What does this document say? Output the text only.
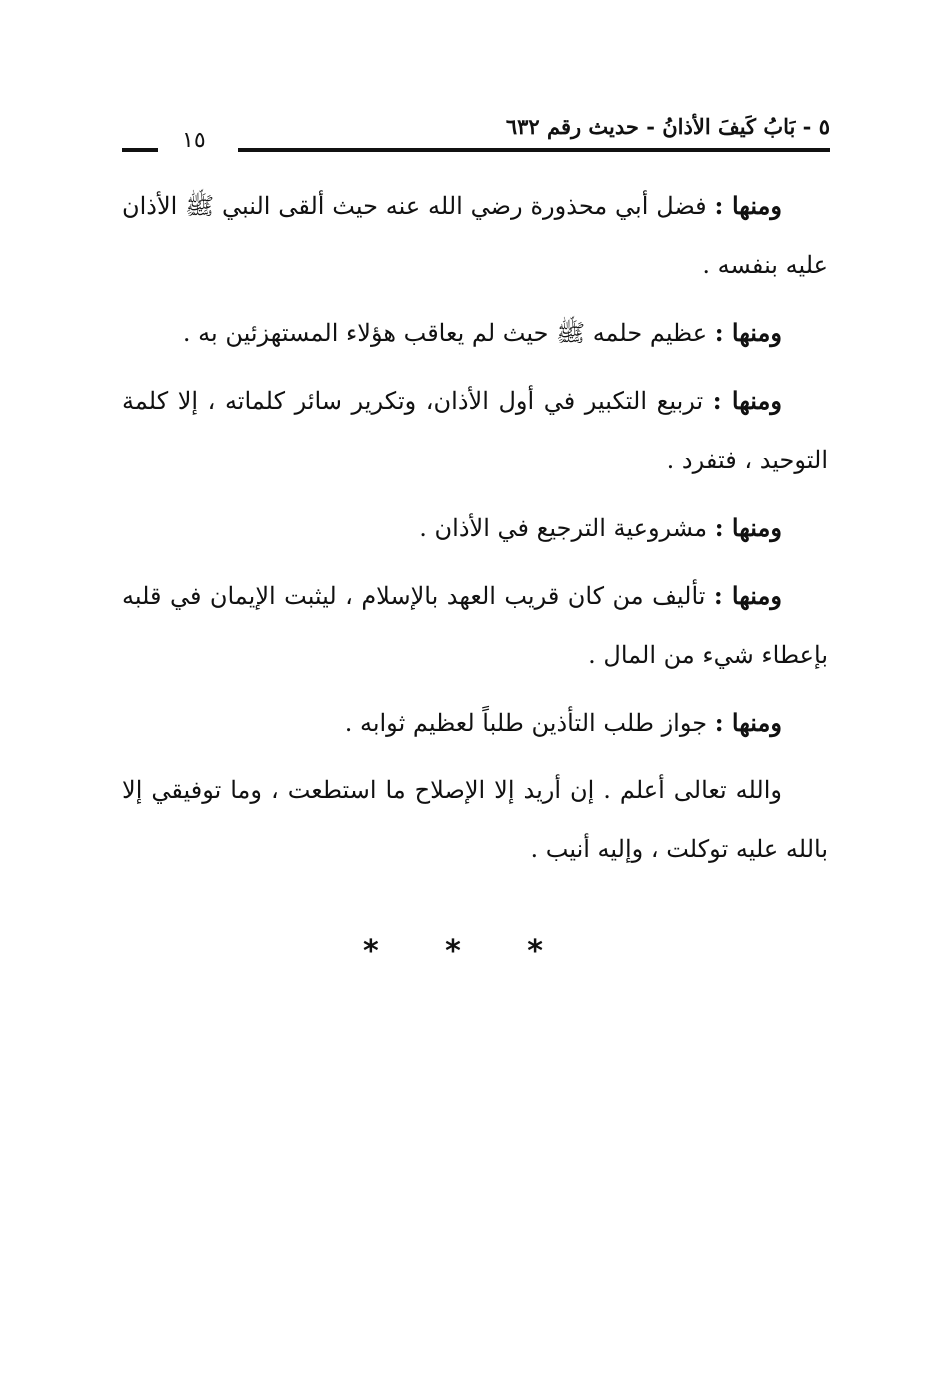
٥ - بَابُ كَيفَ الأذانُ - حديث رقم ٦٣٢
١٥

ومنها : فضل أبي محذورة رضي الله عنه حيث ألقى النبي ﷺ الأذان عليه بنفسه .

ومنها : عظيم حلمه ﷺ حيث لم يعاقب هؤلاء المستهزئين به .

ومنها : تربيع التكبير في أول الأذان، وتكرير سائر كلماته ، إلا كلمة التوحيد ، فتفرد .

ومنها : مشروعية الترجيع في الأذان .

ومنها : تأليف من كان قريب العهد بالإسلام ، ليثبت الإيمان في قلبه بإعطاء شيء من المال .

ومنها : جواز طلب التأذين طلباً لعظيم ثوابه .

والله تعالى أعلم . إن أريد إلا الإصلاح ما استطعت ، وما توفيقي إلا بالله عليه توكلت ، وإليه أنيب .

* * *
